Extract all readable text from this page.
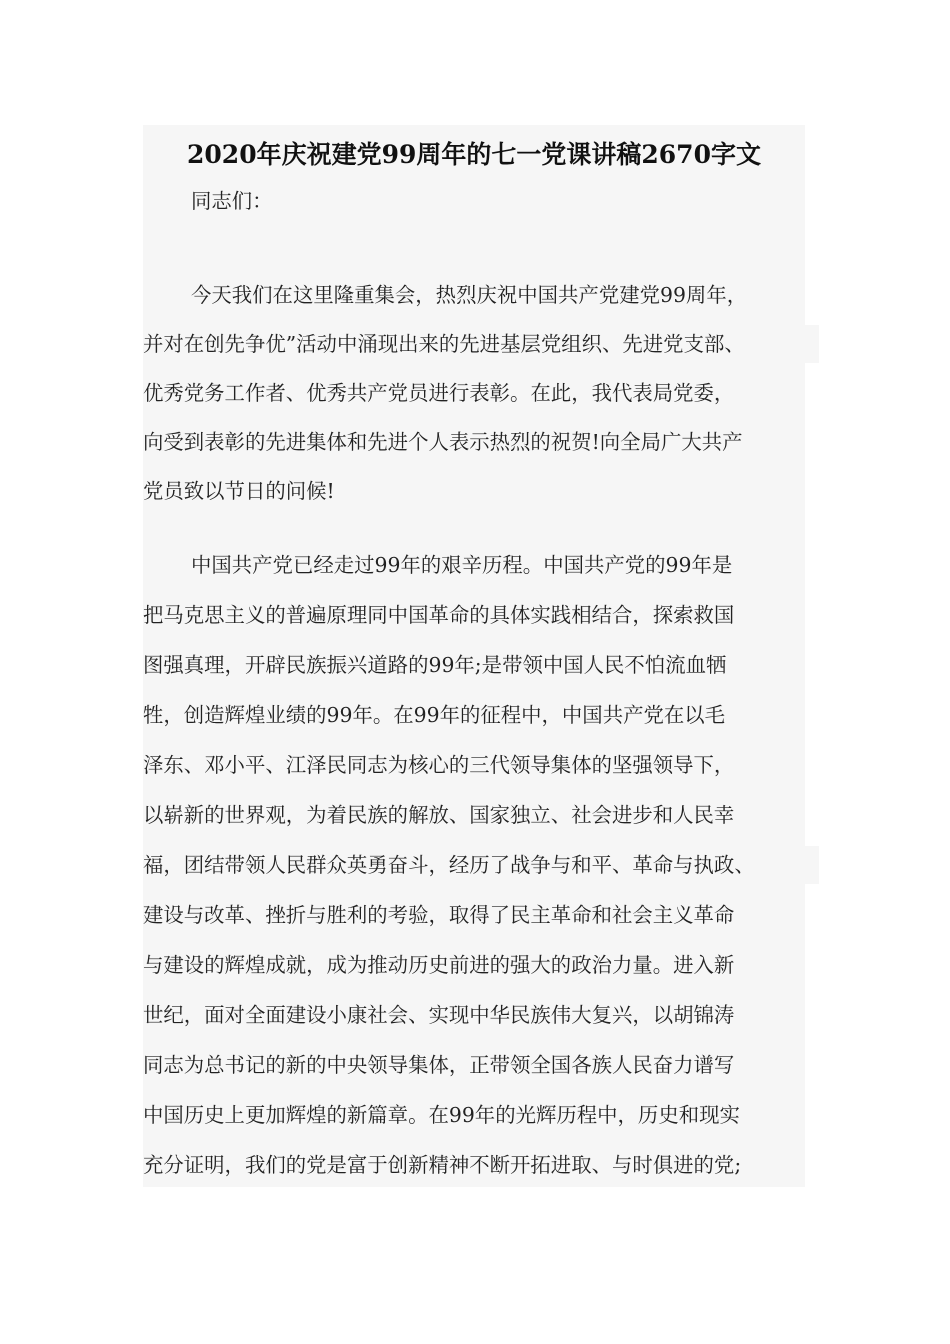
2020年庆祝建党99周年的七一党课讲稿2670字文
同志们：
今天我们在这里隆重集会，热烈庆祝中国共产党建党99周年，
并对在创先争优”活动中涌现出来的先进基层党组织、先进党支部、
优秀党务工作者、优秀共产党员进行表彰。在此，我代表局党委，
向受到表彰的先进集体和先进个人表示热烈的祝贺!向全局广大共产
党员致以节日的问候!
中国共产党已经走过99年的艰辛历程。中国共产党的99年是
把马克思主义的普遍原理同中国革命的具体实践相结合，探索救国
图强真理，开辟民族振兴道路的99年;是带领中国人民不怕流血牺
牲，创造辉煌业绩的99年。在99年的征程中，中国共产党在以毛
泽东、邓小平、江泽民同志为核心的三代领导集体的坚强领导下，
以崭新的世界观，为着民族的解放、国家独立、社会进步和人民幸
福，团结带领人民群众英勇奋斗，经历了战争与和平、革命与执政、
建设与改革、挫折与胜利的考验，取得了民主革命和社会主义革命
与建设的辉煌成就，成为推动历史前进的强大的政治力量。进入新
世纪，面对全面建设小康社会、实现中华民族伟大复兴，以胡锦涛
同志为总书记的新的中央领导集体，正带领全国各族人民奋力谱写
中国历史上更加辉煌的新篇章。在99年的光辉历程中，历史和现实
充分证明，我们的党是富于创新精神不断开拓进取、与时俱进的党;
